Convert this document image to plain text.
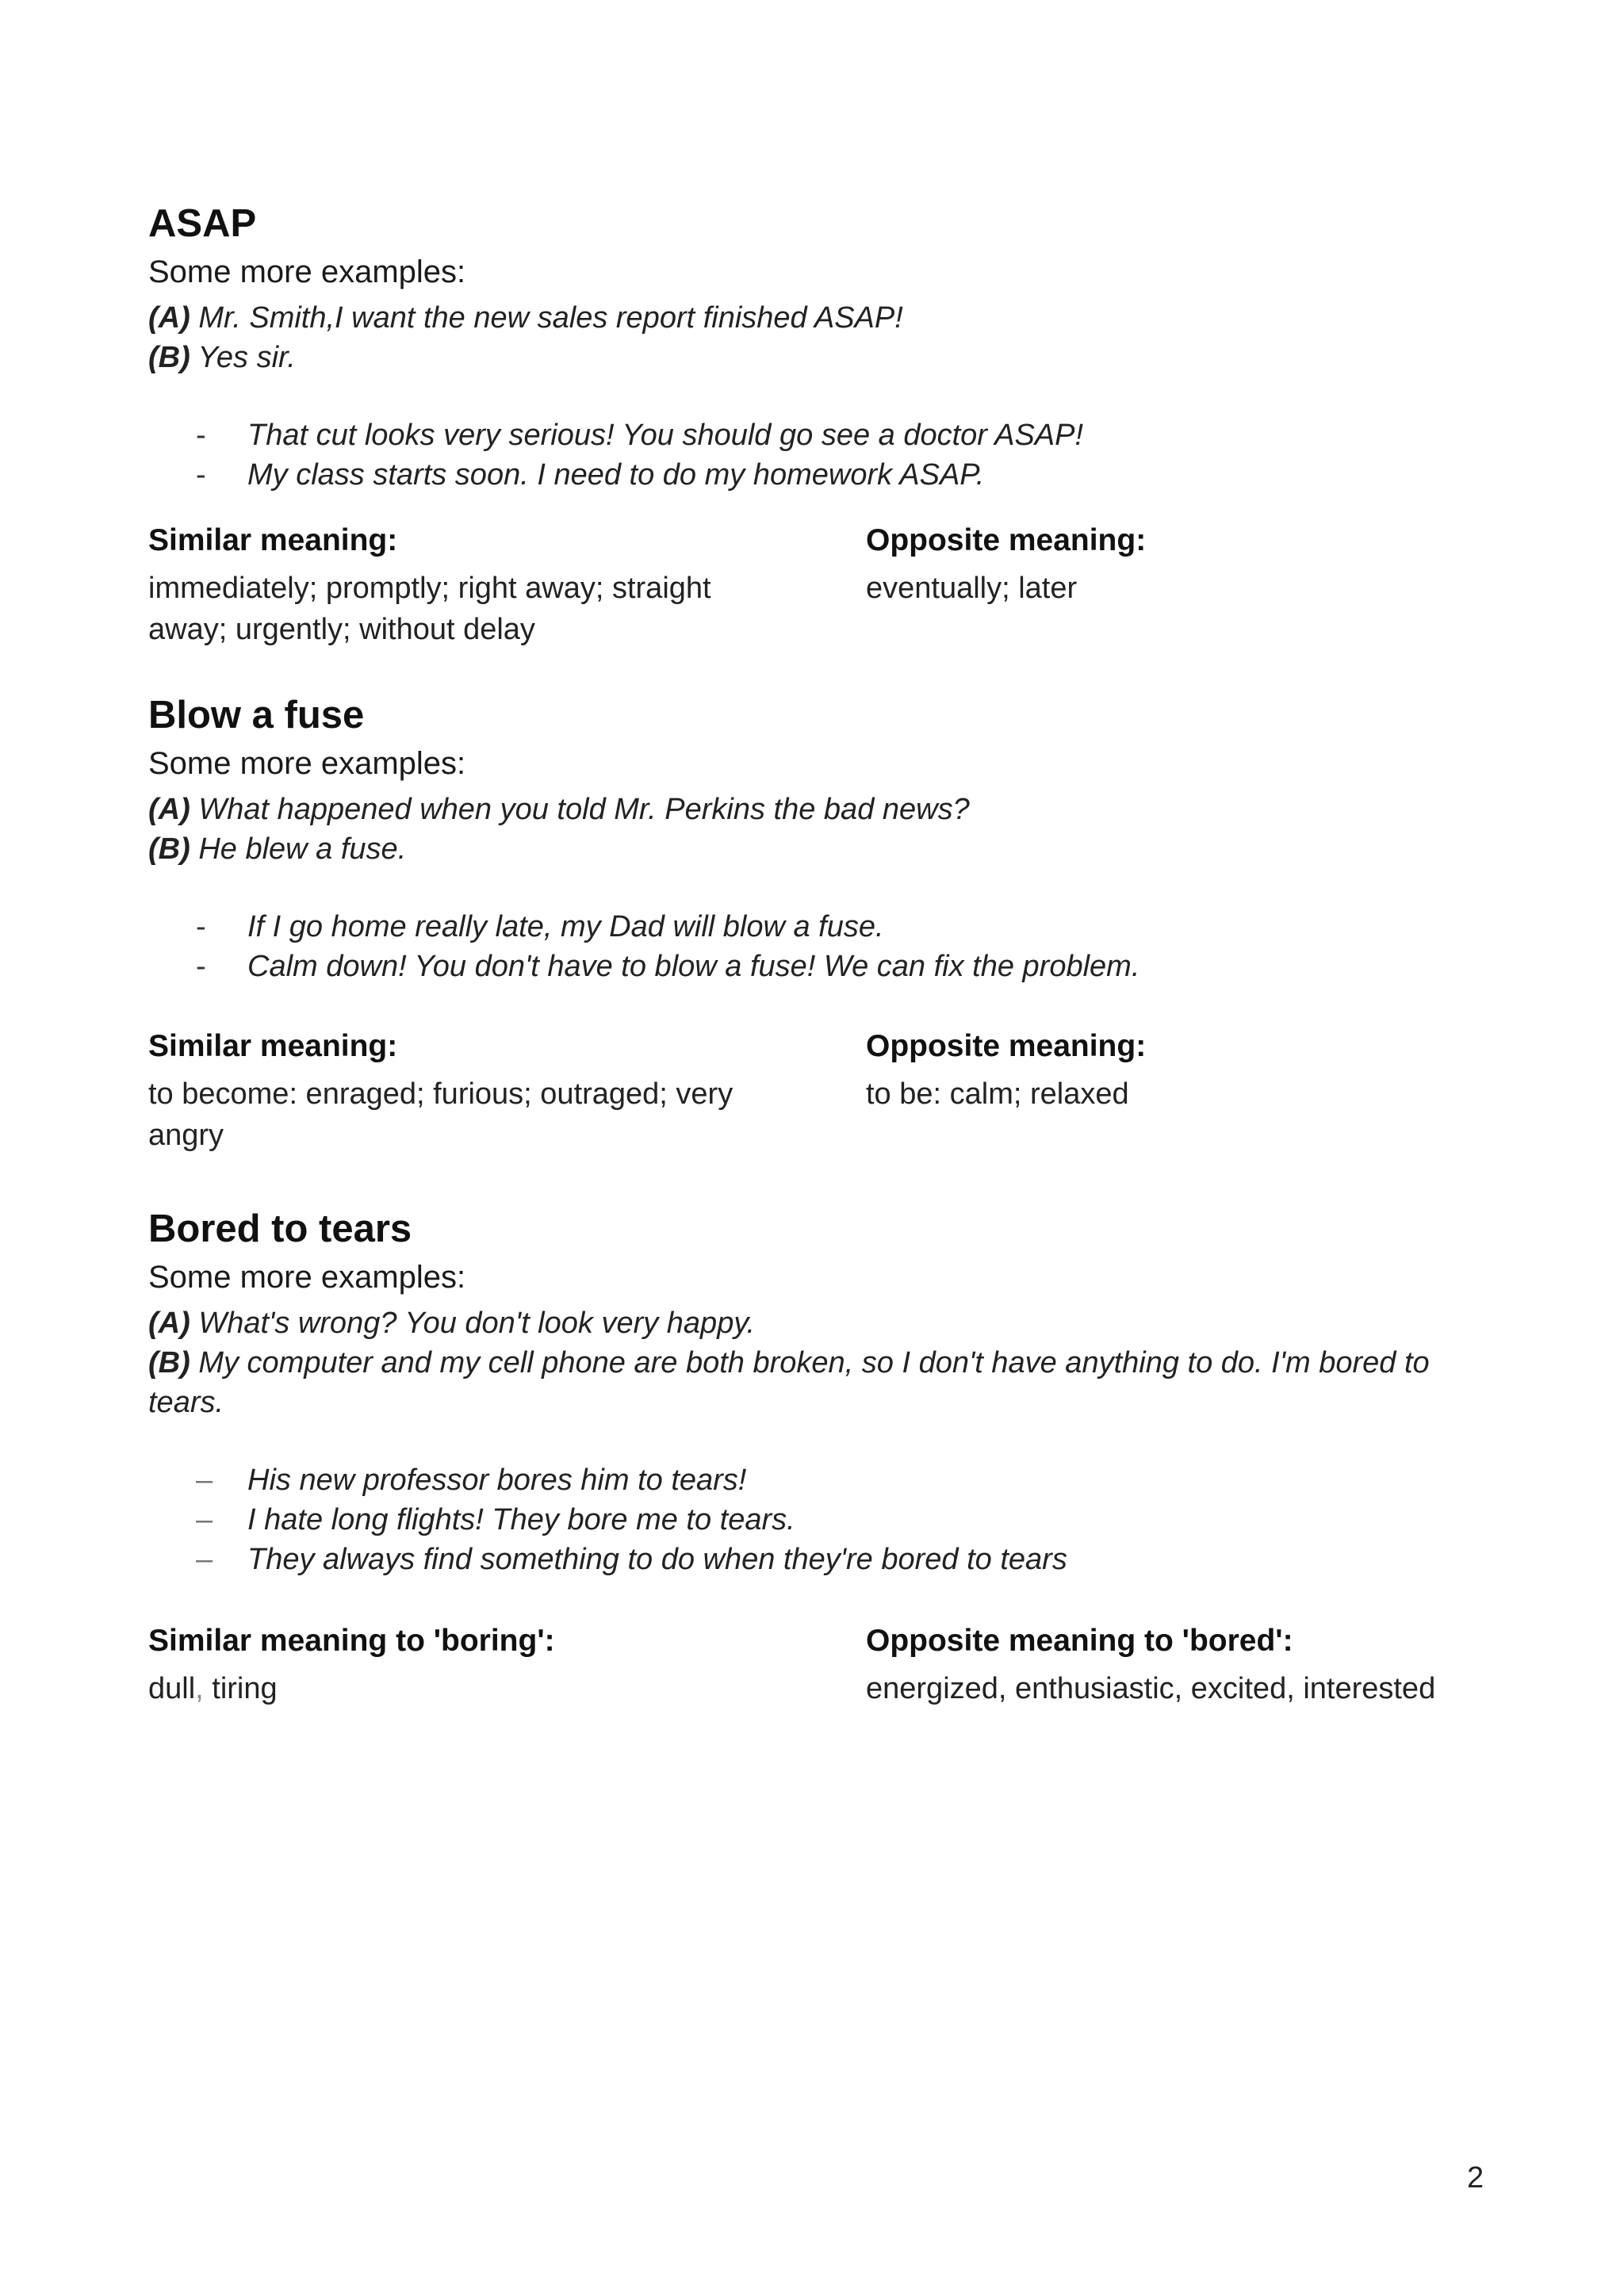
ASAP
Some more examples:
(A) Mr. Smith,I want the new sales report finished ASAP!
(B) Yes sir.
- That cut looks very serious! You should go see a doctor ASAP!
- My class starts soon. I need to do my homework ASAP.
Similar meaning:
immediately; promptly; right away; straight away; urgently; without delay
Opposite meaning:
eventually; later
Blow a fuse
Some more examples:
(A) What happened when you told Mr. Perkins the bad news?
(B) He blew a fuse.
- If I go home really late, my Dad will blow a fuse.
- Calm down! You don't have to blow a fuse! We can fix the problem.
Similar meaning:
to become: enraged; furious; outraged; very angry
Opposite meaning:
to be: calm; relaxed
Bored to tears
Some more examples:
(A) What's wrong? You don't look very happy.
(B) My computer and my cell phone are both broken, so I don't have anything to do. I'm bored to tears.
– His new professor bores him to tears!
– I hate long flights! They bore me to tears.
– They always find something to do when they're bored to tears
Similar meaning to 'boring':
dull, tiring
Opposite meaning to 'bored':
energized, enthusiastic, excited, interested
2
